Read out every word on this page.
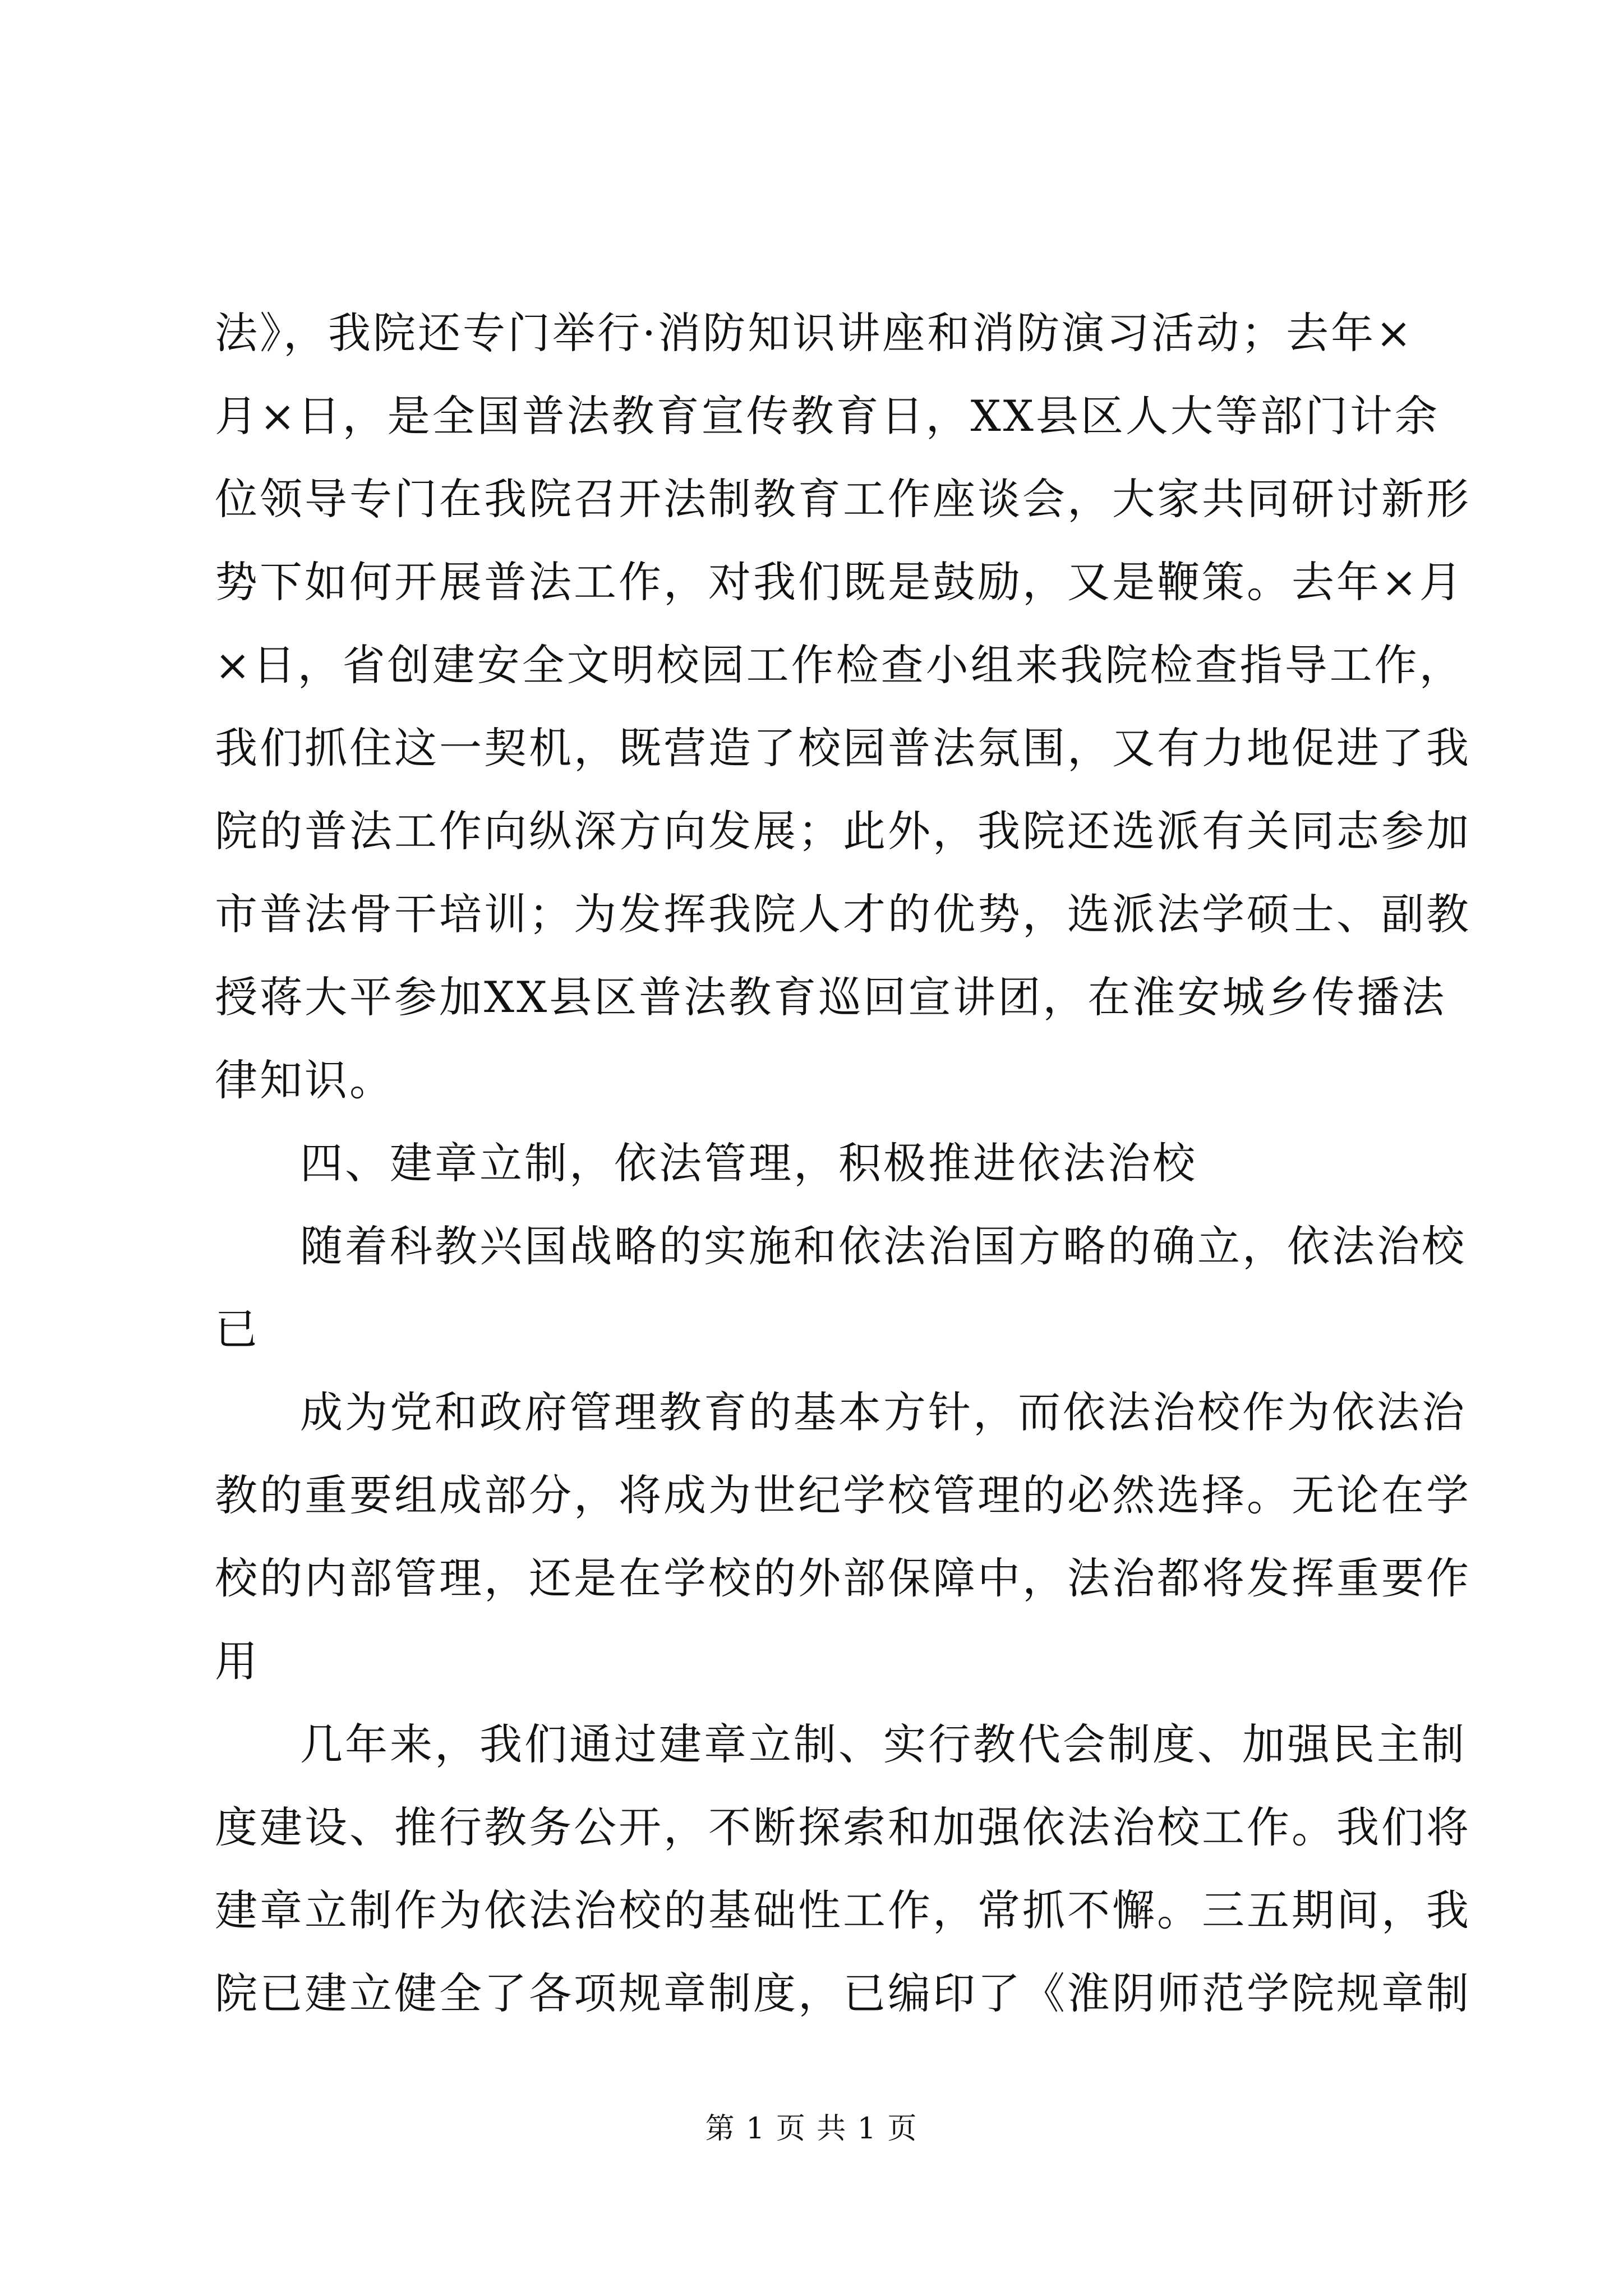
法》，我院还专门举行·消防知识讲座和消防演习活动；去年×
月×日，是全国普法教育宣传教育日，XX县区人大等部门计余
位领导专门在我院召开法制教育工作座谈会，大家共同研讨新形
势下如何开展普法工作，对我们既是鼓励，又是鞭策。去年×月
×日，省创建安全文明校园工作检查小组来我院检查指导工作，
我们抓住这一契机，既营造了校园普法氛围，又有力地促进了我
院的普法工作向纵深方向发展；此外，我院还选派有关同志参加
市普法骨干培训；为发挥我院人才的优势，选派法学硕士、副教
授蒋大平参加XX县区普法教育巡回宣讲团，在淮安城乡传播法
律知识。
四、建章立制，依法管理，积极推进依法治校
随着科教兴国战略的实施和依法治国方略的确立，依法治校
已
成为党和政府管理教育的基本方针，而依法治校作为依法治
教的重要组成部分，将成为世纪学校管理的必然选择。无论在学
校的内部管理，还是在学校的外部保障中，法治都将发挥重要作
用
几年来，我们通过建章立制、实行教代会制度、加强民主制
度建设、推行教务公开，不断探索和加强依法治校工作。我们将
建章立制作为依法治校的基础性工作，常抓不懈。三五期间，我
院已建立健全了各项规章制度，已编印了《淮阴师范学院规章制
第 1 页 共 1 页
